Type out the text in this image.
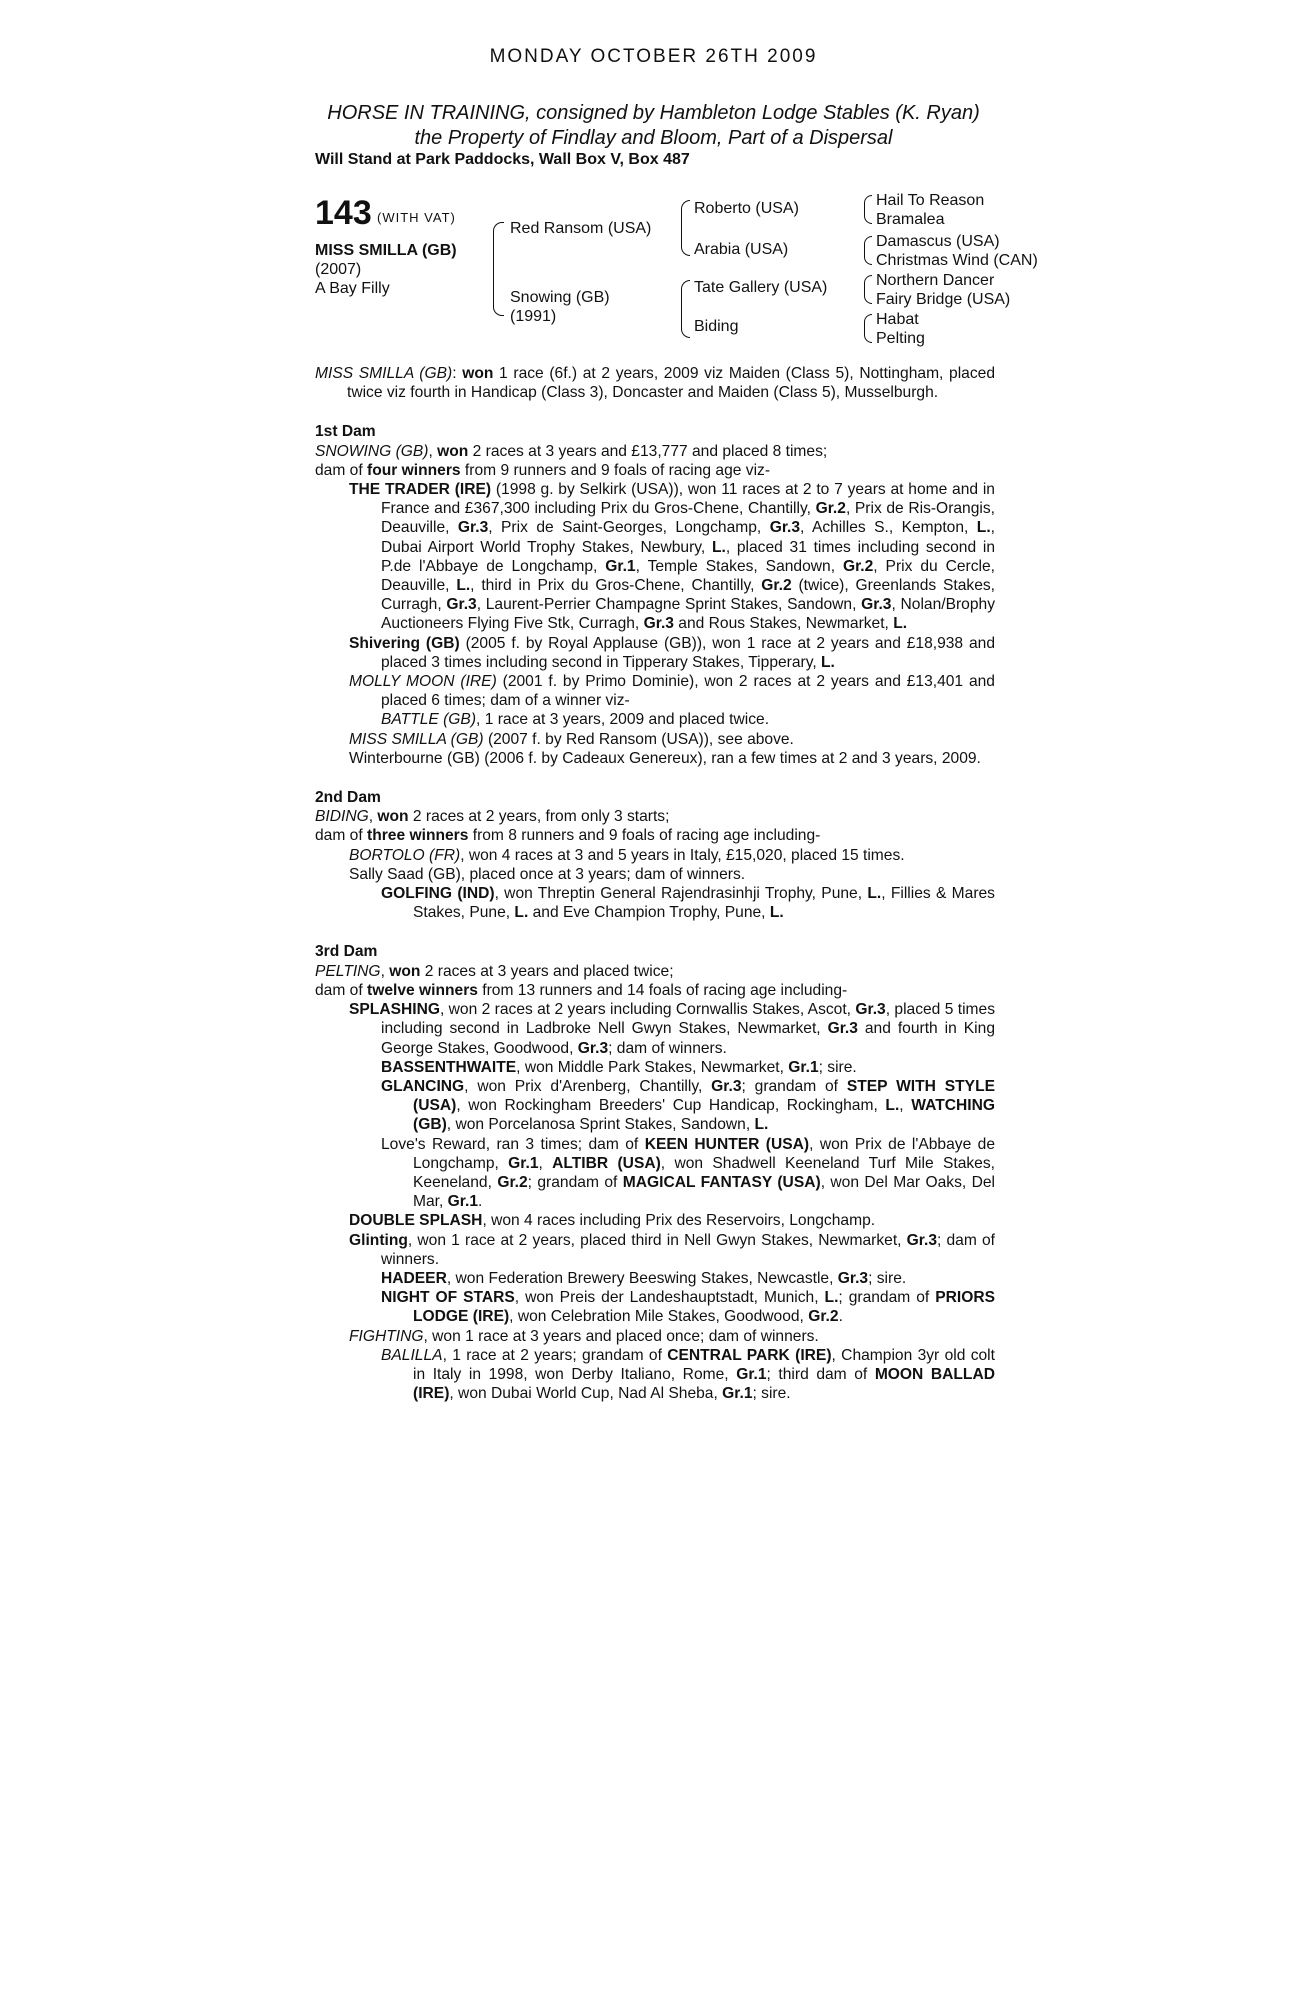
MONDAY OCTOBER 26TH 2009
HORSE IN TRAINING, consigned by Hambleton Lodge Stables (K. Ryan)
the Property of Findlay and Bloom, Part of a Dispersal
Will Stand at Park Paddocks, Wall Box V, Box 487
143 (WITH VAT)
MISS SMILLA (GB)
(2007)
A Bay Filly
Red Ransom (USA)
Snowing (GB)
(1991)
Roberto (USA)
Arabia (USA)
Tate Gallery (USA)
Biding
Hail To Reason
Bramalea
Damascus (USA)
Christmas Wind (CAN)
Northern Dancer
Fairy Bridge (USA)
Habat
Pelting

MISS SMILLA (GB): won 1 race (6f.) at 2 years, 2009 viz Maiden (Class 5), Nottingham, placed twice viz fourth in Handicap (Class 3), Doncaster and Maiden (Class 5), Musselburgh.

1st Dam

SNOWING (GB), won 2 races at 3 years and £13,777 and placed 8 times;

dam of four winners from 9 runners and 9 foals of racing age viz-

THE TRADER (IRE) (1998 g. by Selkirk (USA)), won 11 races at 2 to 7 years at home and in France and £367,300 including Prix du Gros-Chene, Chantilly, Gr.2, Prix de Ris-Orangis, Deauville, Gr.3, Prix de Saint-Georges, Longchamp, Gr.3, Achilles S., Kempton, L., Dubai Airport World Trophy Stakes, Newbury, L., placed 31 times including second in P.de l'Abbaye de Longchamp, Gr.1, Temple Stakes, Sandown, Gr.2, Prix du Cercle, Deauville, L., third in Prix du Gros-Chene, Chantilly, Gr.2 (twice), Greenlands Stakes, Curragh, Gr.3, Laurent-Perrier Champagne Sprint Stakes, Sandown, Gr.3, Nolan/Brophy Auctioneers Flying Five Stk, Curragh, Gr.3 and Rous Stakes, Newmarket, L.

Shivering (GB) (2005 f. by Royal Applause (GB)), won 1 race at 2 years and £18,938 and placed 3 times including second in Tipperary Stakes, Tipperary, L.

MOLLY MOON (IRE) (2001 f. by Primo Dominie), won 2 races at 2 years and £13,401 and placed 6 times; dam of a winner viz-

BATTLE (GB), 1 race at 3 years, 2009 and placed twice.

MISS SMILLA (GB) (2007 f. by Red Ransom (USA)), see above.

Winterbourne (GB) (2006 f. by Cadeaux Genereux), ran a few times at 2 and 3 years, 2009.

2nd Dam

BIDING, won 2 races at 2 years, from only 3 starts;

dam of three winners from 8 runners and 9 foals of racing age including-

BORTOLO (FR), won 4 races at 3 and 5 years in Italy, £15,020, placed 15 times.

Sally Saad (GB), placed once at 3 years; dam of winners.

GOLFING (IND), won Threptin General Rajendrasinhji Trophy, Pune, L., Fillies & Mares Stakes, Pune, L. and Eve Champion Trophy, Pune, L.

3rd Dam

PELTING, won 2 races at 3 years and placed twice;

dam of twelve winners from 13 runners and 14 foals of racing age including-

SPLASHING, won 2 races at 2 years including Cornwallis Stakes, Ascot, Gr.3, placed 5 times including second in Ladbroke Nell Gwyn Stakes, Newmarket, Gr.3 and fourth in King George Stakes, Goodwood, Gr.3; dam of winners.

BASSENTHWAITE, won Middle Park Stakes, Newmarket, Gr.1; sire.

GLANCING, won Prix d'Arenberg, Chantilly, Gr.3; grandam of STEP WITH STYLE (USA), won Rockingham Breeders' Cup Handicap, Rockingham, L., WATCHING (GB), won Porcelanosa Sprint Stakes, Sandown, L.

Love's Reward, ran 3 times; dam of KEEN HUNTER (USA), won Prix de l'Abbaye de Longchamp, Gr.1, ALTIBR (USA), won Shadwell Keeneland Turf Mile Stakes, Keeneland, Gr.2; grandam of MAGICAL FANTASY (USA), won Del Mar Oaks, Del Mar, Gr.1.

DOUBLE SPLASH, won 4 races including Prix des Reservoirs, Longchamp.

Glinting, won 1 race at 2 years, placed third in Nell Gwyn Stakes, Newmarket, Gr.3; dam of winners.

HADEER, won Federation Brewery Beeswing Stakes, Newcastle, Gr.3; sire.

NIGHT OF STARS, won Preis der Landeshauptstadt, Munich, L.; grandam of PRIORS LODGE (IRE), won Celebration Mile Stakes, Goodwood, Gr.2.

FIGHTING, won 1 race at 3 years and placed once; dam of winners.

BALILLA, 1 race at 2 years; grandam of CENTRAL PARK (IRE), Champion 3yr old colt in Italy in 1998, won Derby Italiano, Rome, Gr.1; third dam of MOON BALLAD (IRE), won Dubai World Cup, Nad Al Sheba, Gr.1; sire.
